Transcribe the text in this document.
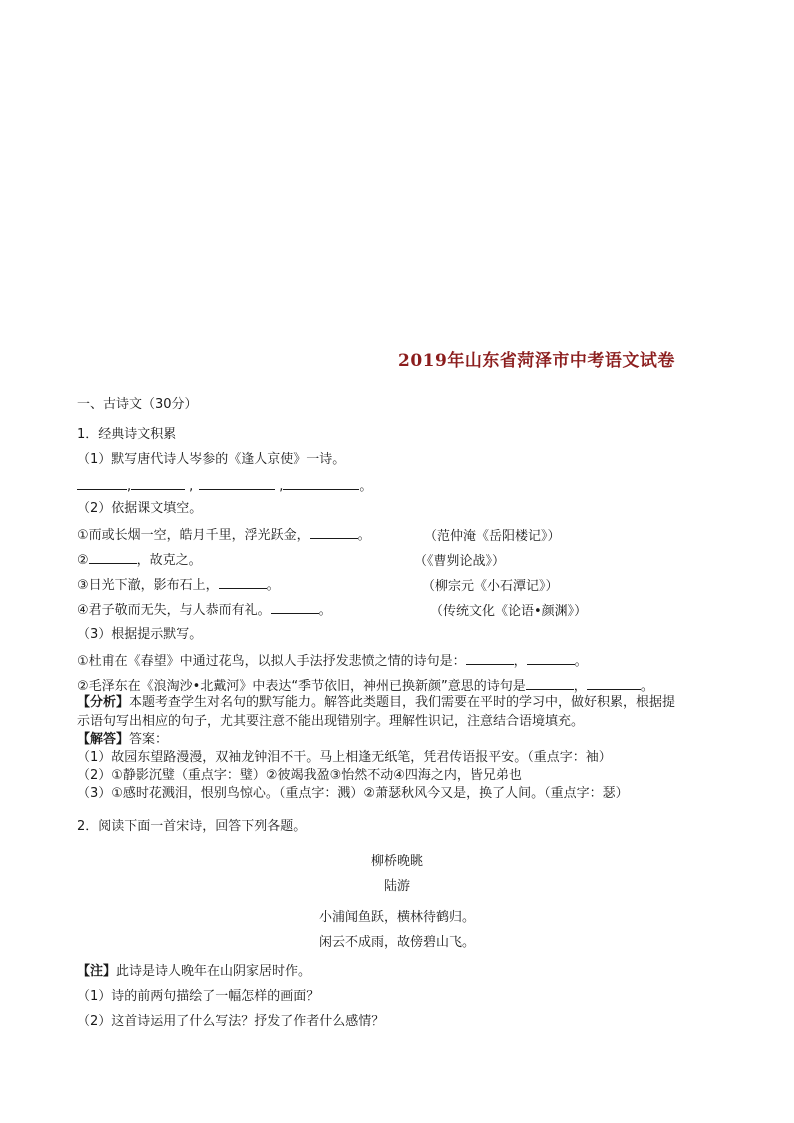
2019年山东省菏泽市中考语文试卷
一、古诗文（30分）
1．经典诗文积累
（1）默写唐代诗人岑参的《逢人京使》一诗。
,	,	,	。
（2）依据课文填空。
①而或长烟一空，皓月千里，浮光跃金，	。	（范仲淹《岳阳楼记》）
②	，故克之。	（《曹刿论战》）
③日光下澈，影布石上，	。	（柳宗元《小石潭记》）
④君子敬而无失，与人恭而有礼。	。	（传统文化《论语•颜渊》）
（3）根据提示默写。
①杜甫在《春望》中通过花鸟，以拟人手法抒发悲愤之情的诗句是：	，	。
②毛泽东在《浪淘沙•北戴河》中表达“季节依旧，神州已换新颜”意思的诗句是	，	。
【分析】本题考查学生对名句的默写能力。解答此类题目，我们需要在平时的学习中，做好积累，根据提
示语句写出相应的句子，尤其要注意不能出现错别字。理解性识记，注意结合语境填充。
【解答】答案：
（1）故园东望路漫漫，双袖龙钟泪不干。马上相逢无纸笔，凭君传语报平安。（重点字：袖）
（2）①静影沉璧（重点字：璧）②彼竭我盈③怡然不动④四海之内，皆兄弟也
（3）①感时花溅泪，恨别鸟惊心。（重点字：溅）②萧瑟秋风今又是，换了人间。（重点字：瑟）
2．阅读下面一首宋诗，回答下列各题。
柳桥晚眺
陆游
小浦闻鱼跃，横林待鹤归。
闲云不成雨，故傍碧山飞。
【注】此诗是诗人晚年在山阴家居时作。
（1）诗的前两句描绘了一幅怎样的画面？
（2）这首诗运用了什么写法？抒发了作者什么感情？
